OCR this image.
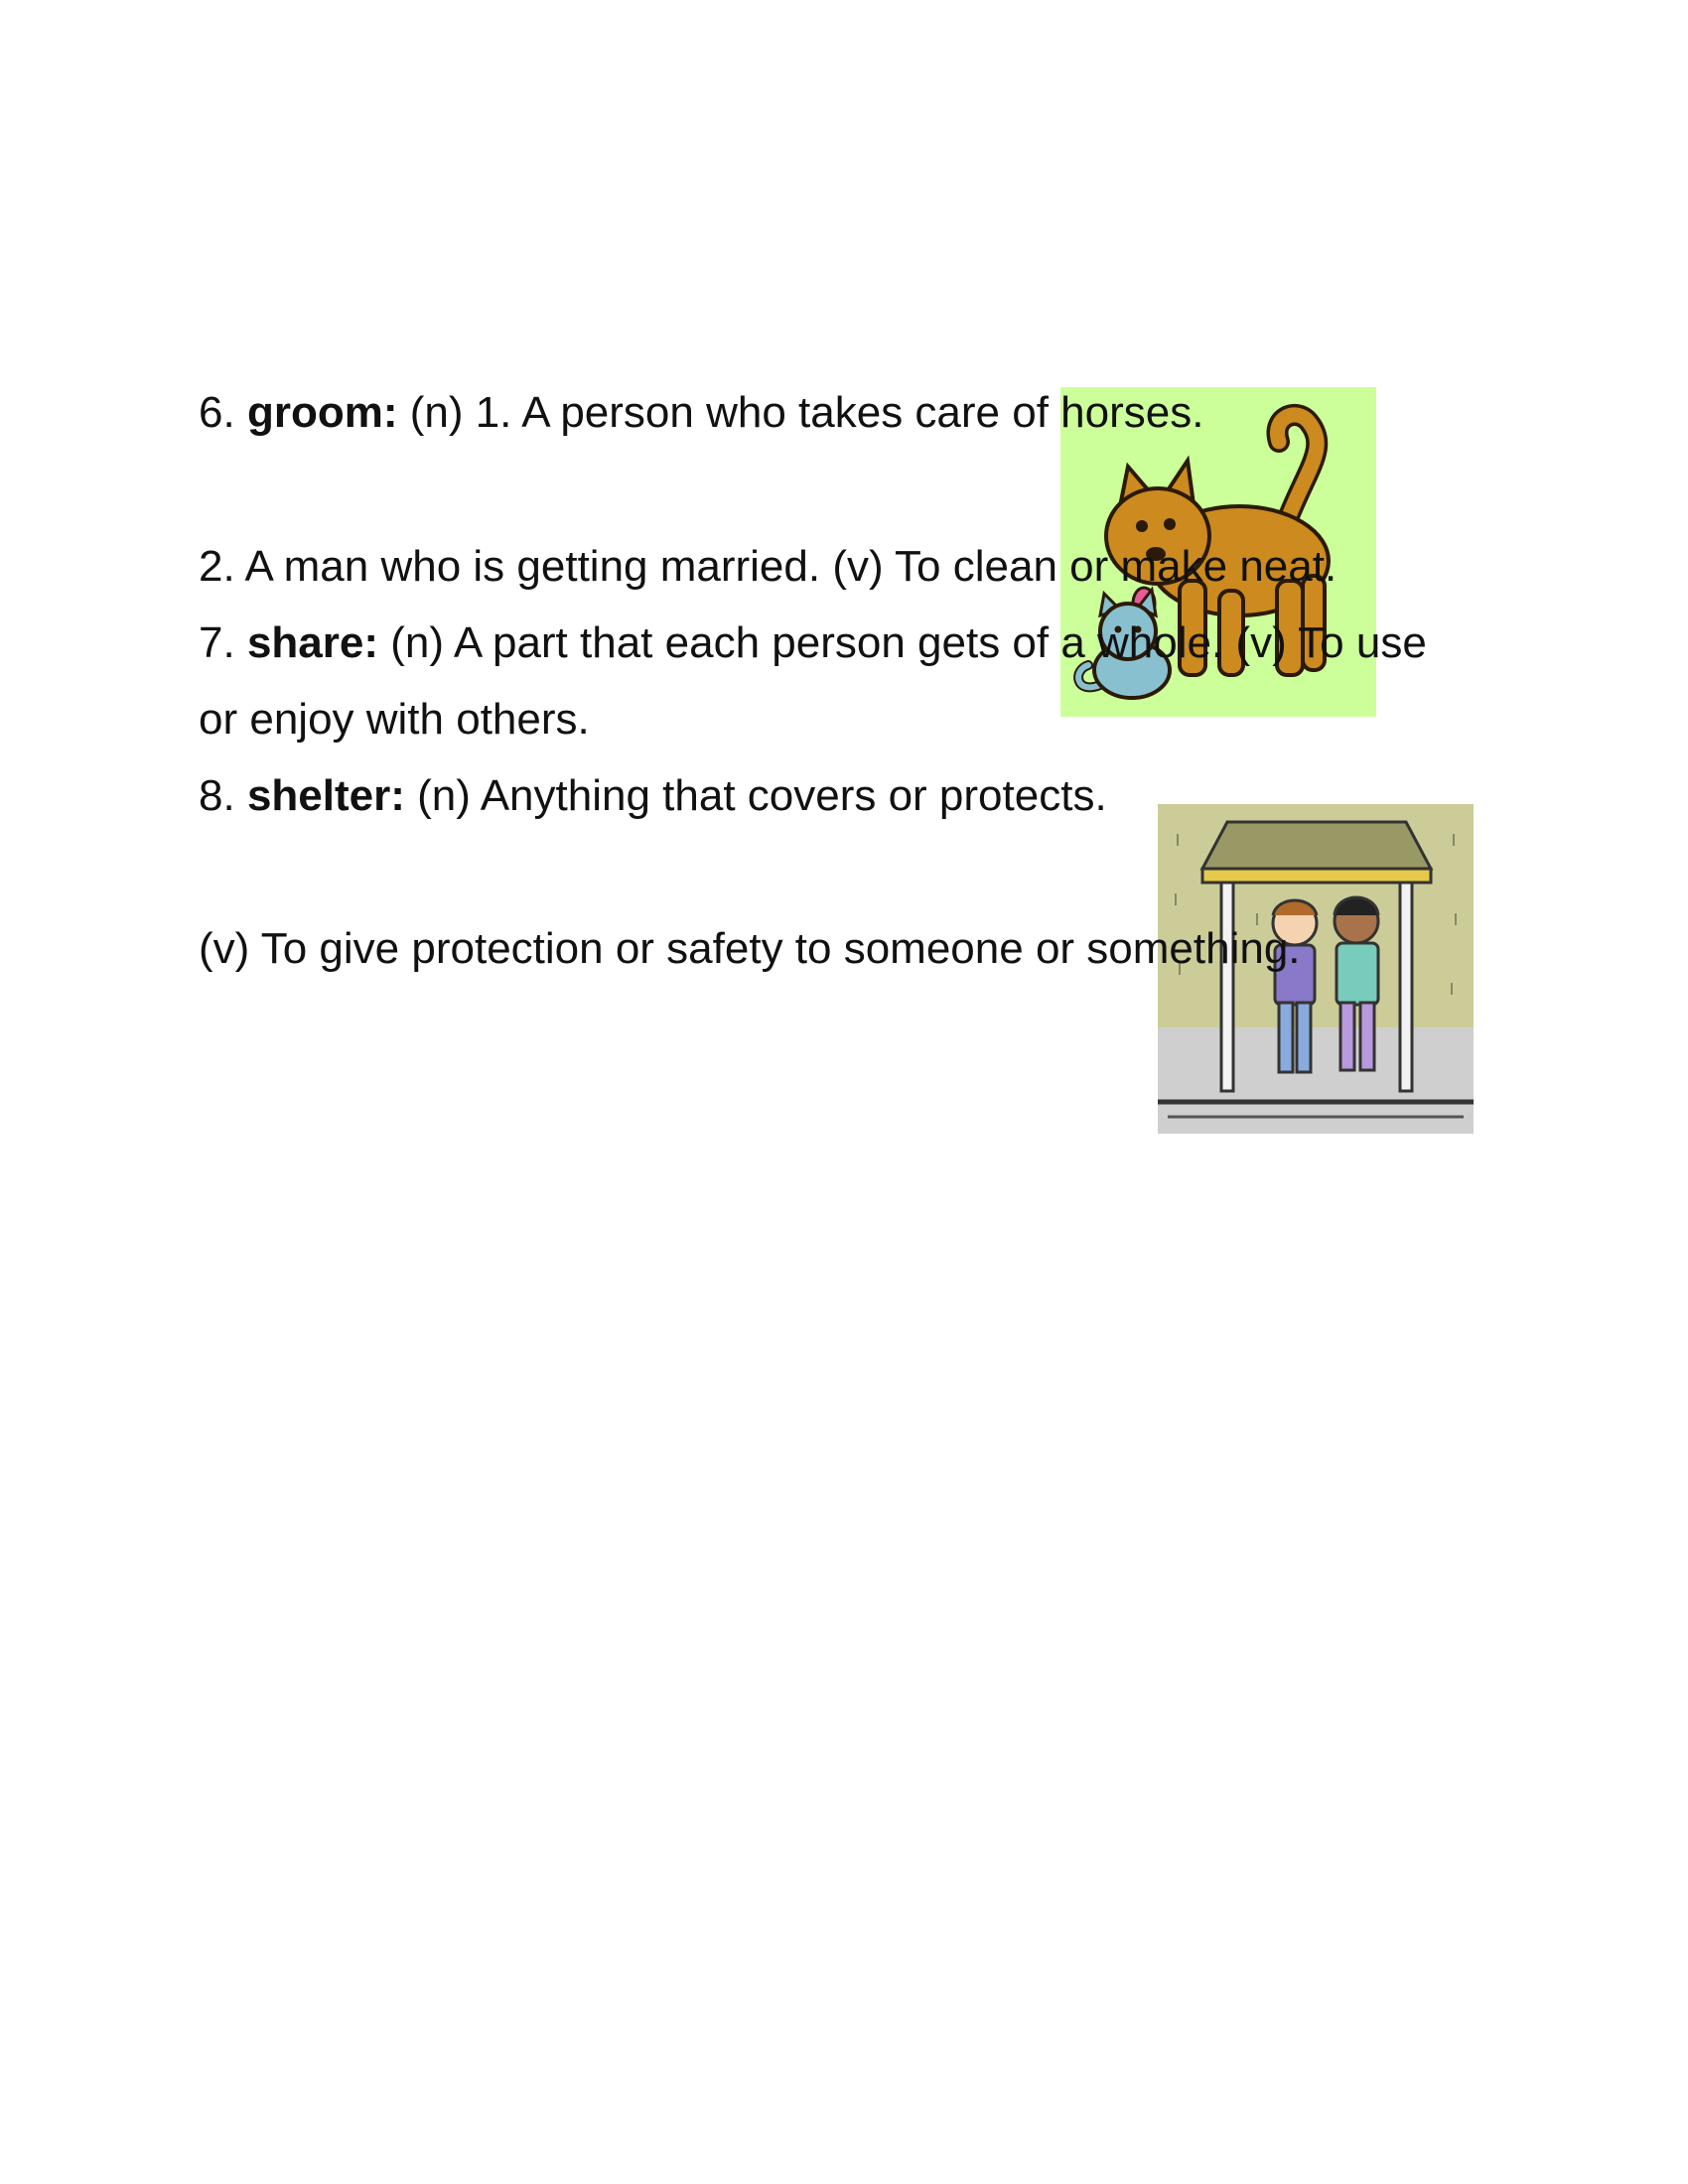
6. groom: (n) 1. A person who takes care of horses.

2. A man who is getting married. (v) To clean or make neat.

7. share: (n) A part that each person gets of a whole. (v) To use

or enjoy with others.

8. shelter: (n) Anything that covers or protects.

(v) To give protection or safety to someone or something.
